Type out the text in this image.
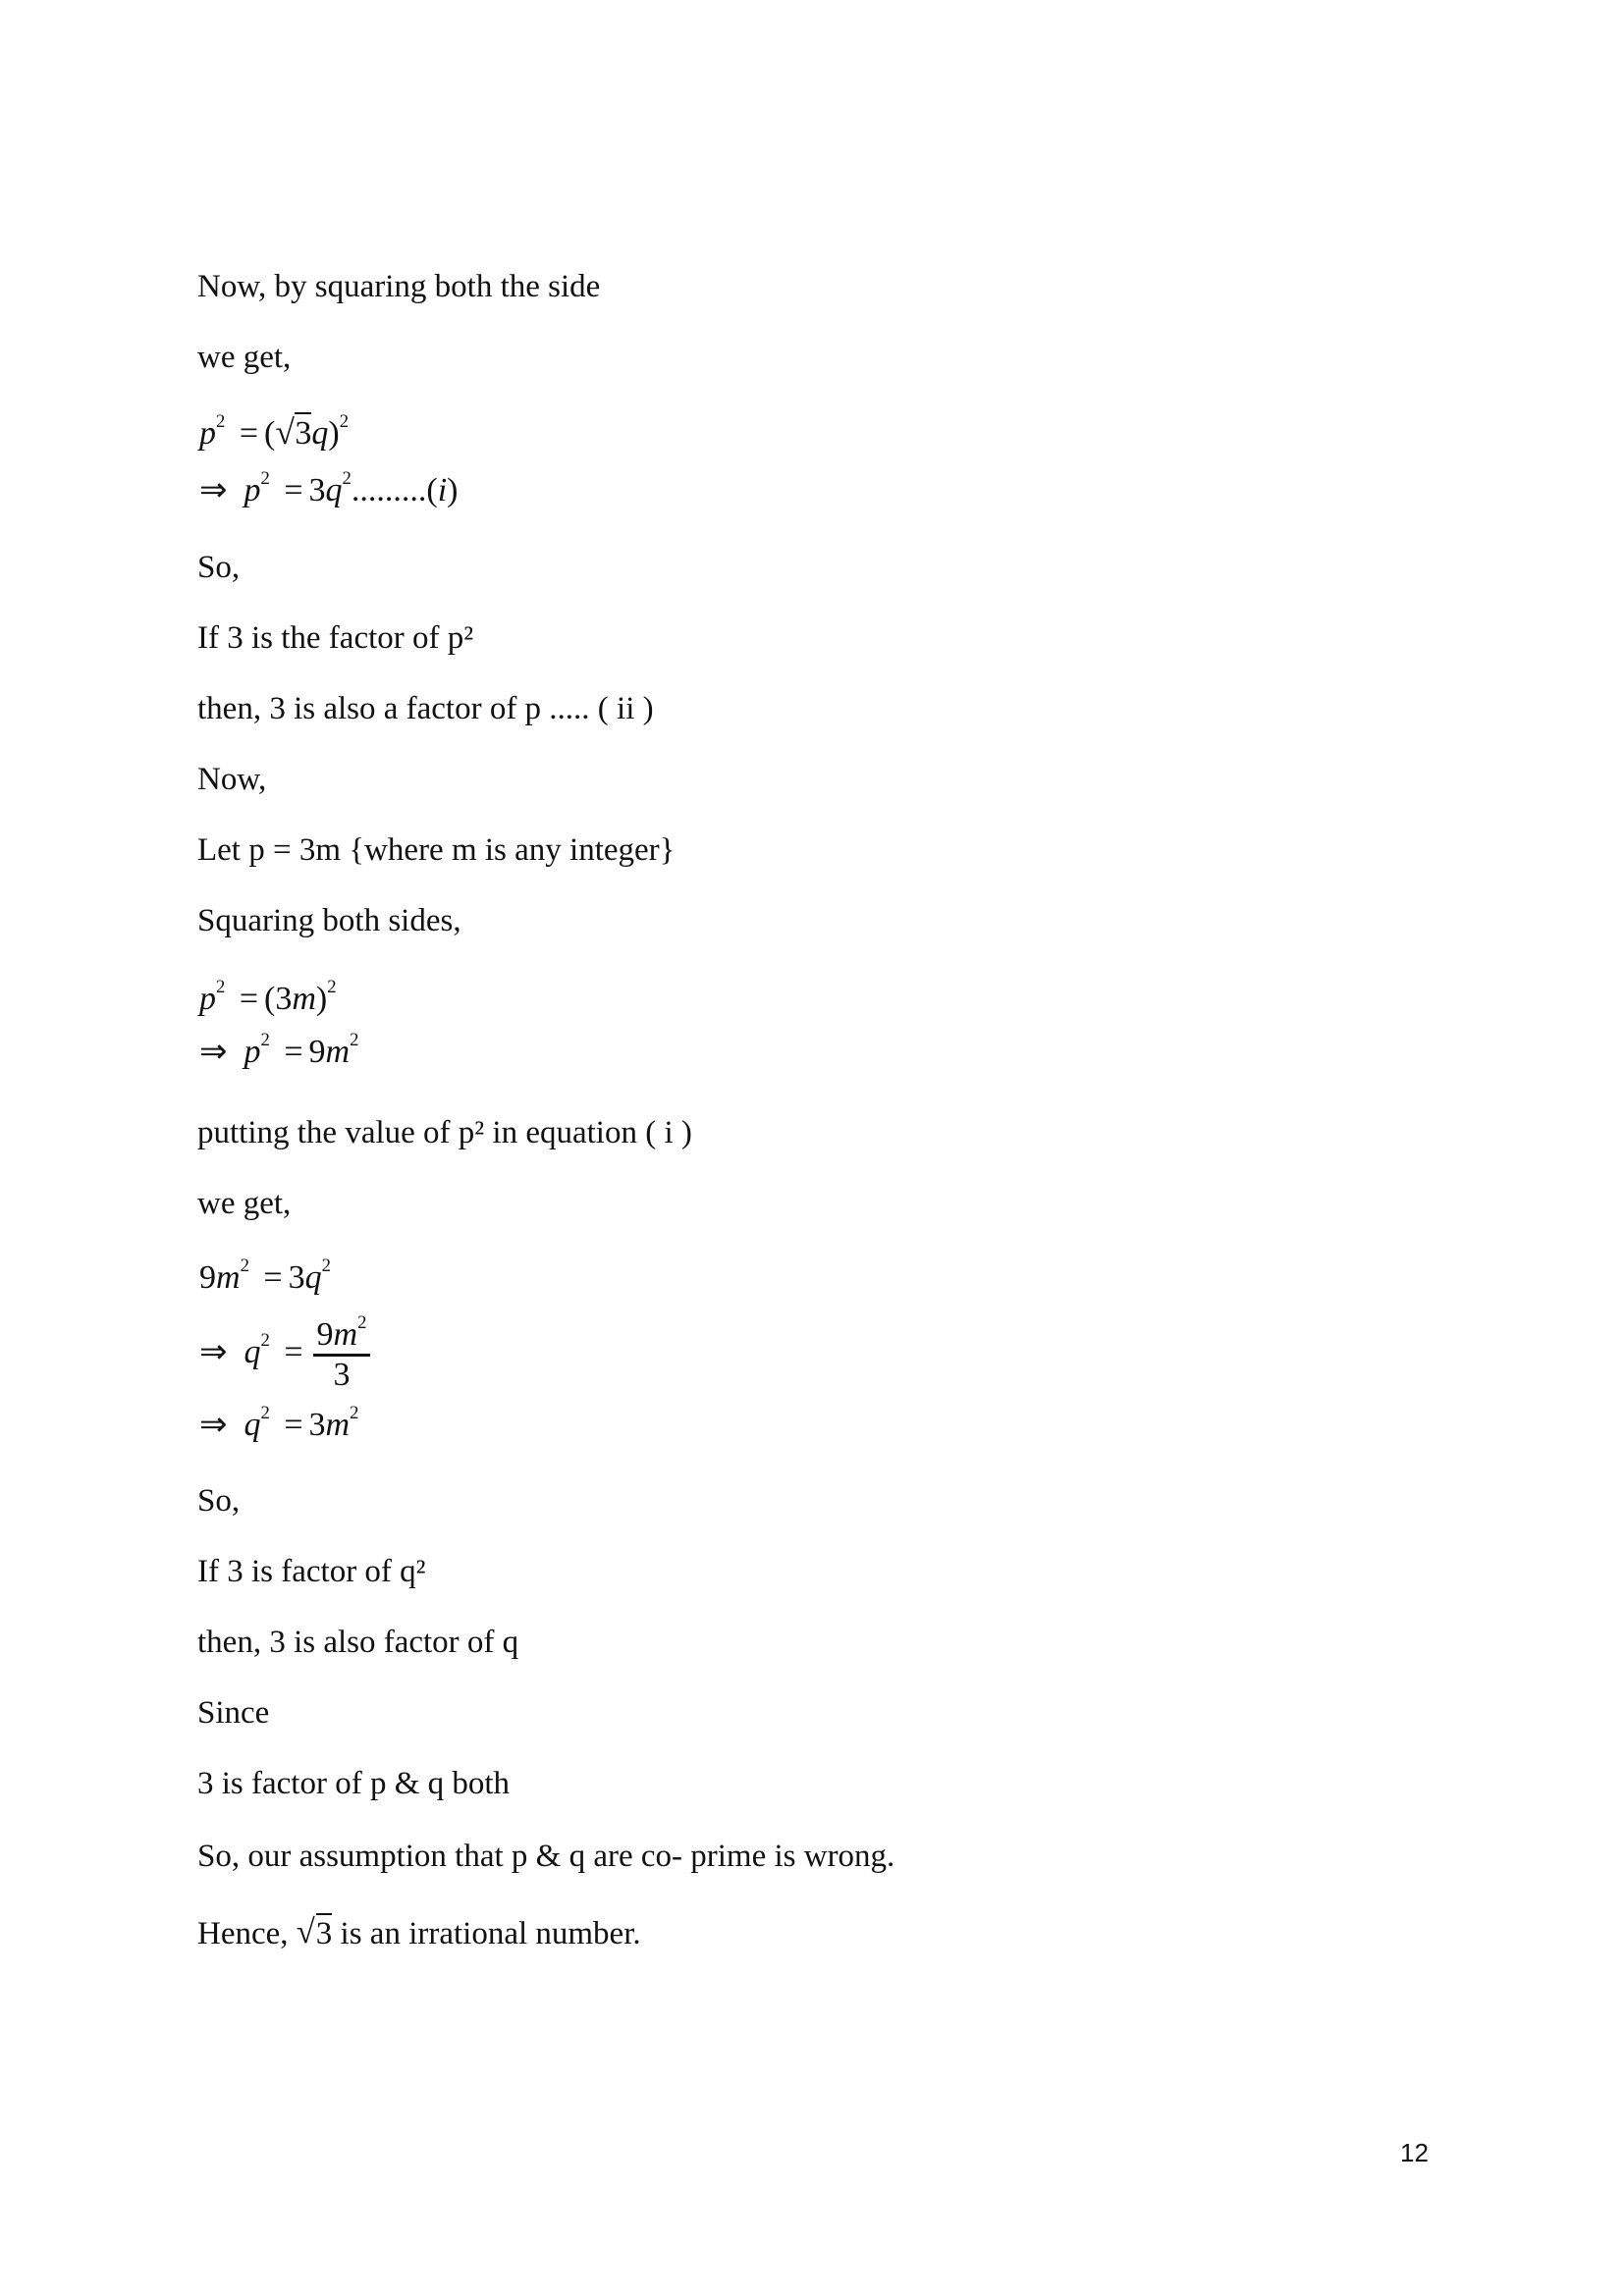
Now, by squaring both the side
we get,
$p^2$ = ( √ 3q)$^2$
⇒ $p^2 = 3q^2.........(i)$
So,
If 3 is the factor of p²
then, 3 is also a factor of p ..... ( ii )
Now,
Let p = 3m {where m is any integer}
Squaring both sides,
$p^2 = (3m)^2$
⇒ $p^2 = 9m^2$
putting the value of p² in equation ( i )
we get,
$9m^2 = 3q^2$
⇒ $q^2 = \frac{9m^2}{3}$
⇒ $q^2 = 3m^2$
So,
If 3 is factor of q²
then, 3 is also factor of q
Since
3 is factor of p & q both
So, our assumption that p & q are co- prime is wrong.
Hence, √ 3 is an irrational number.
12
